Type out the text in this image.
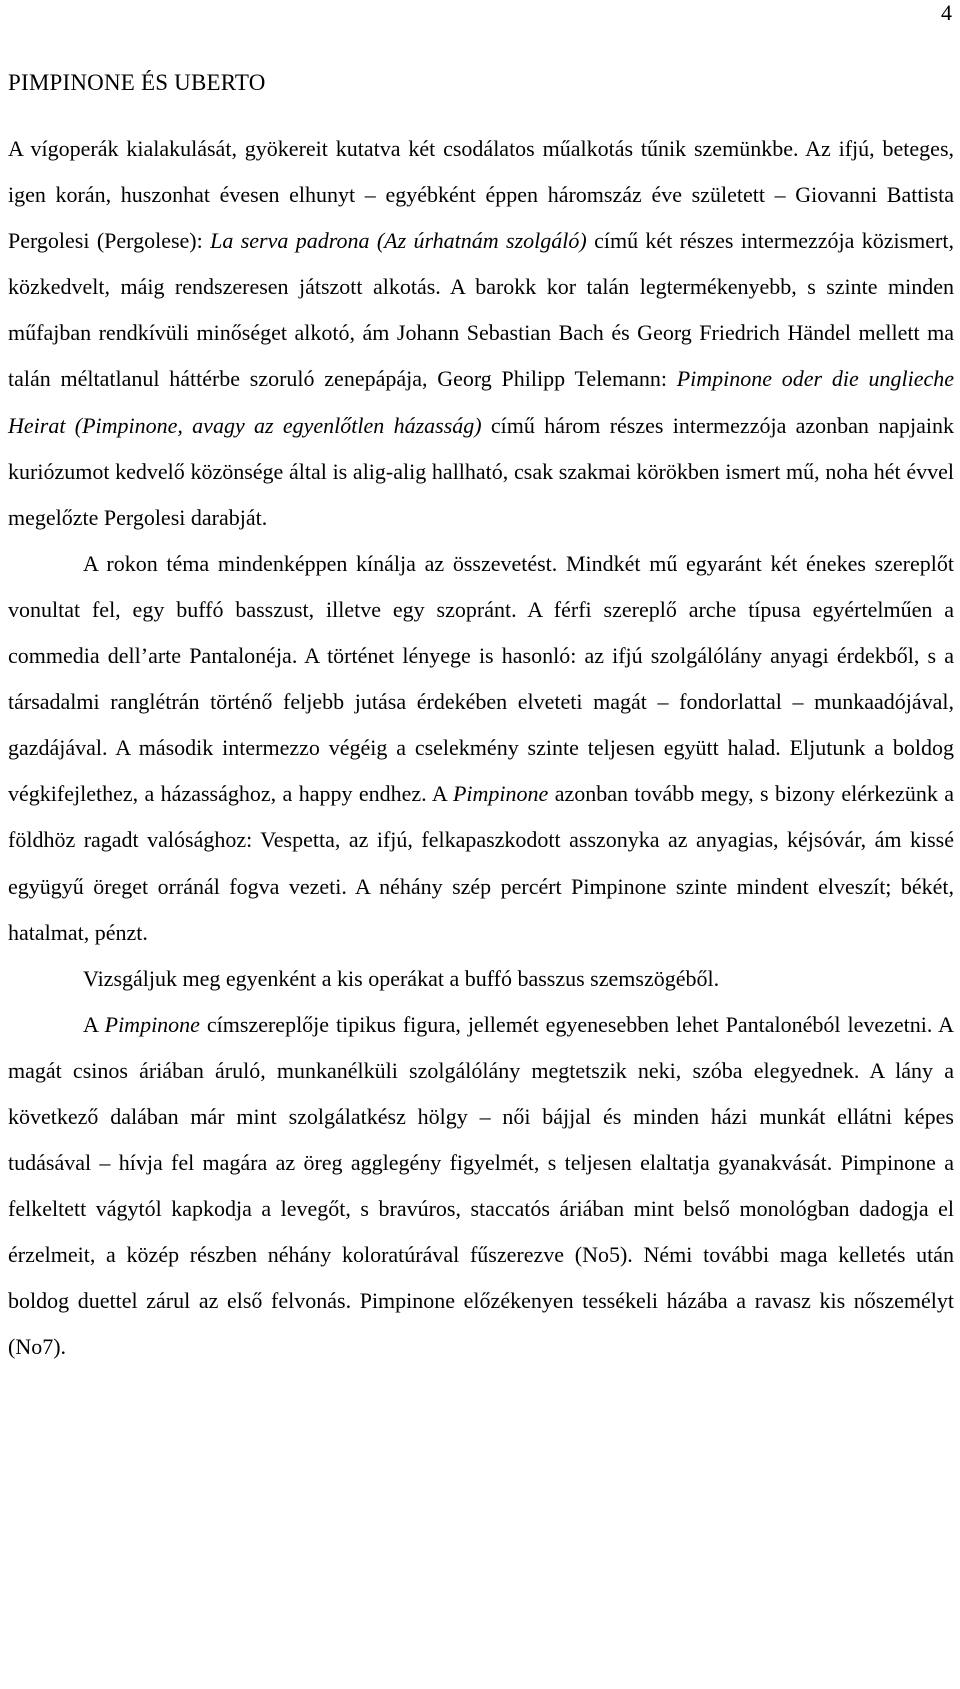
4
PIMPINONE ÉS UBERTO

A vígoperák kialakulását, gyökereit kutatva két csodálatos műalkotás tűnik szemünkbe. Az ifjú, beteges, igen korán, huszonhat évesen elhunyt – egyébként éppen háromszáz éve született – Giovanni Battista Pergolesi (Pergolese): La serva padrona (Az úrhatnám szolgáló) című két részes intermezzója közismert, közkedvelt, máig rendszeresen játszott alkotás. A barokk kor talán legtermékenyebb, s szinte minden műfajban rendkívüli minőséget alkotó, ám Johann Sebastian Bach és Georg Friedrich Händel mellett ma talán méltatlanul háttérbe szoruló zenepápája, Georg Philipp Telemann: Pimpinone oder die unglieche Heirat (Pimpinone, avagy az egyenlőtlen házasság) című három részes intermezzója azonban napjaink kuriózumot kedvelő közönsége által is alig-alig hallható, csak szakmai körökben ismert mű, noha hét évvel megelőzte Pergolesi darabját.

A rokon téma mindenképpen kínálja az összevetést. Mindkét mű egyaránt két énekes szereplőt vonultat fel, egy buffó basszust, illetve egy szopránt. A férfi szereplő arche típusa egyértelműen a commedia dell’arte Pantalonéja. A történet lényege is hasonló: az ifjú szolgálólány anyagi érdekből, s a társadalmi ranglétrán történő feljebb jutása érdekében elveteti magát – fondorlattal – munkaadójával, gazdájával. A második intermezzo végéig a cselekmény szinte teljesen együtt halad. Eljutunk a boldog végkifejlethez, a házassághoz, a happy endhez. A Pimpinone azonban tovább megy, s bizony elérkezünk a földhöz ragadt valósághoz: Vespetta, az ifjú, felkapaszkodott asszonyka az anyagias, kéjsóvár, ám kissé együgyű öreget orránál fogva vezeti. A néhány szép percért Pimpinone szinte mindent elveszít; békét, hatalmat, pénzt.

Vizsgáljuk meg egyenként a kis operákat a buffó basszus szemszögéből.

A Pimpinone címszereplője tipikus figura, jellemét egyenesebben lehet Pantalonéból levezetni. A magát csinos áriában áruló, munkanélküli szolgálólány megtetszik neki, szóba elegyednek. A lány a következő dalában már mint szolgálatkész hölgy – női bájjal és minden házi munkát ellátni képes tudásával – hívja fel magára az öreg agglegény figyelmét, s teljesen elaltatja gyanakvását. Pimpinone a felkeltett vágytól kapkodja a levegőt, s bravúros, staccatós áriában mint belső monológban dadogja el érzelmeit, a közép részben néhány koloratúrával fűszerezve (No5). Némi további maga kelletés után boldog duettel zárul az első felvonás. Pimpinone előzékenyen tessékeli házába a ravasz kis nőszemélyt (No7).
